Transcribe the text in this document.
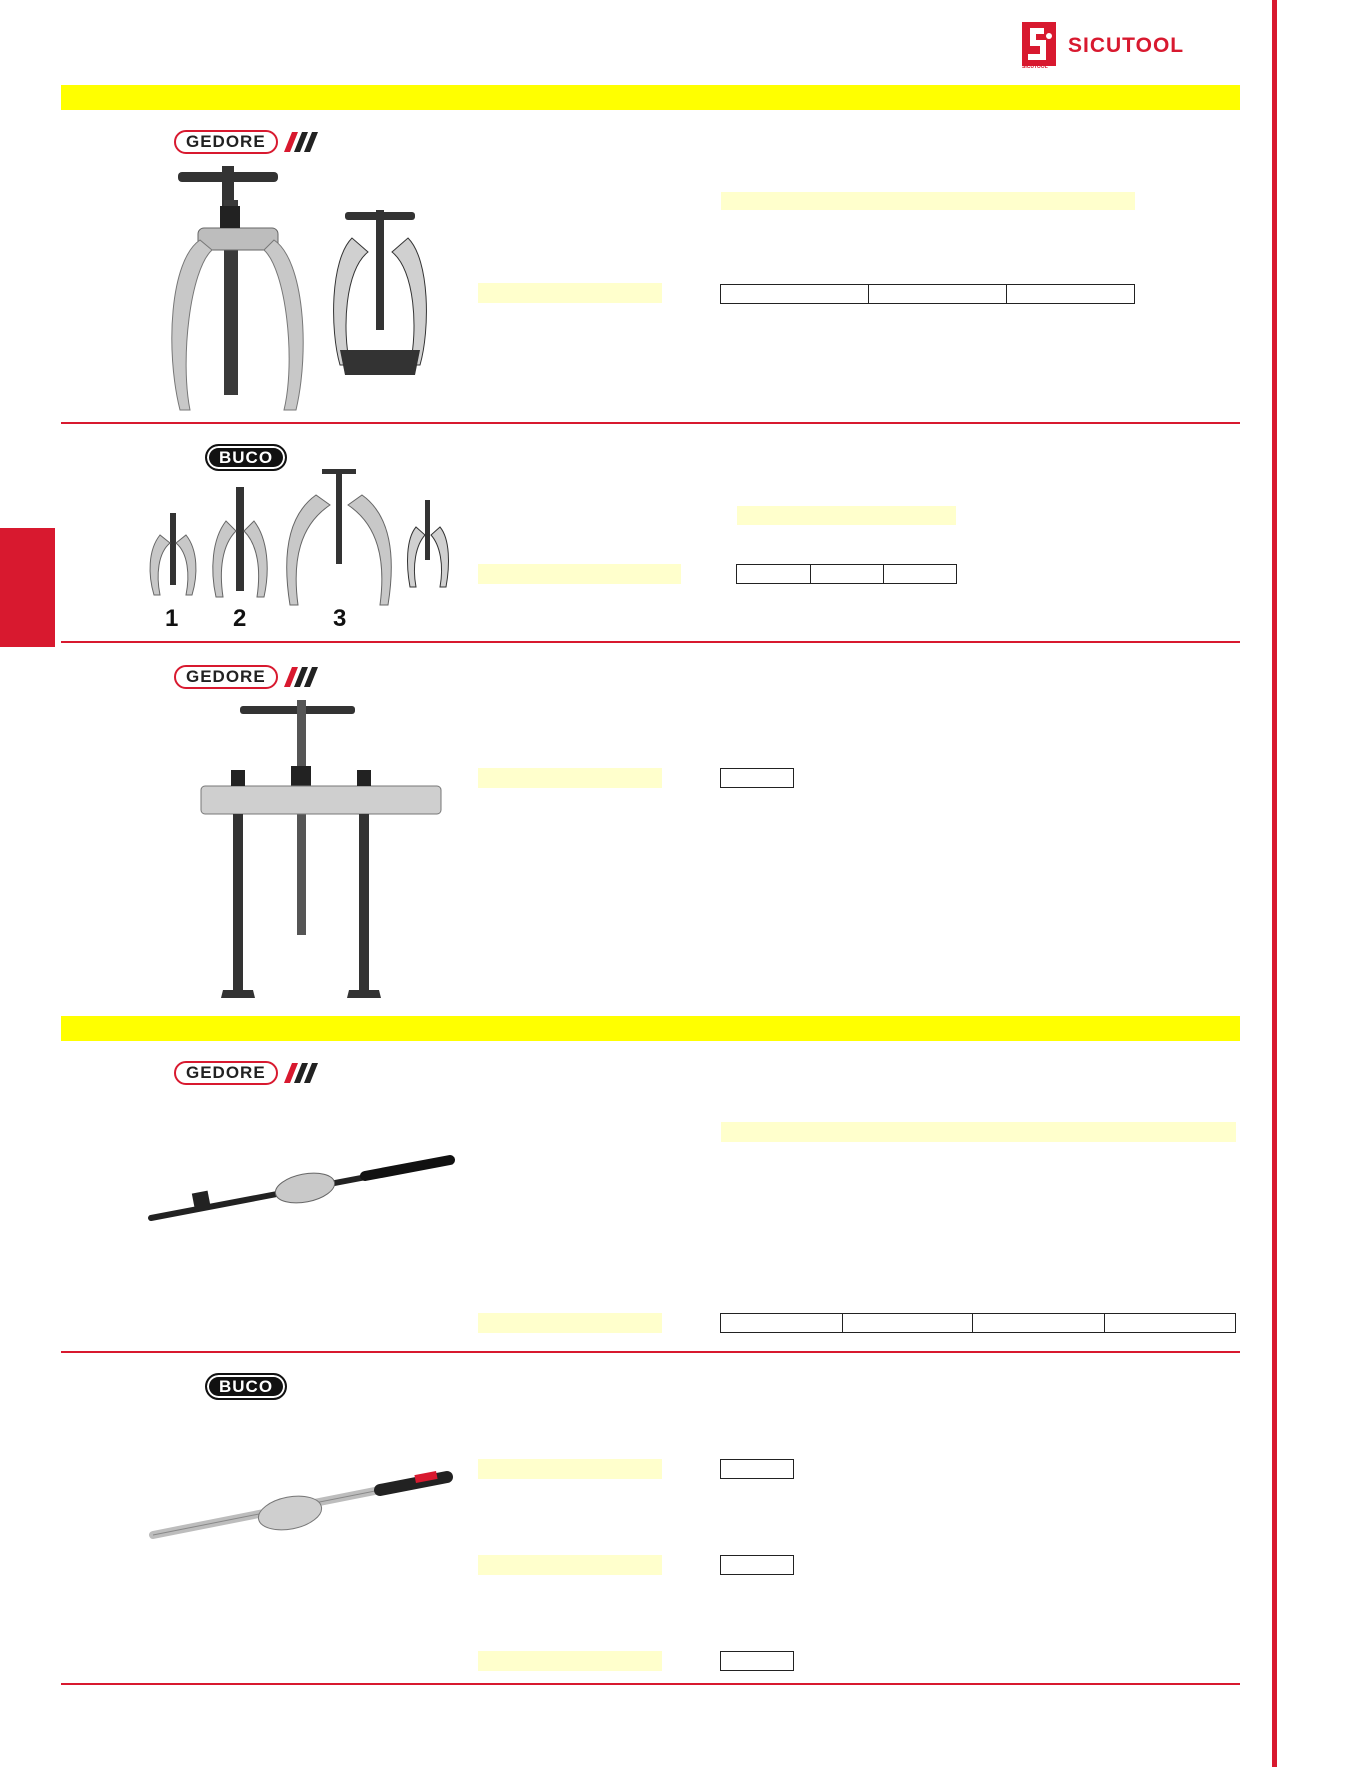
SICUTOOL
SICUTOOL
GEDORE
BUCO
1 2	3
GEDORE
GEDORE
BUCO
